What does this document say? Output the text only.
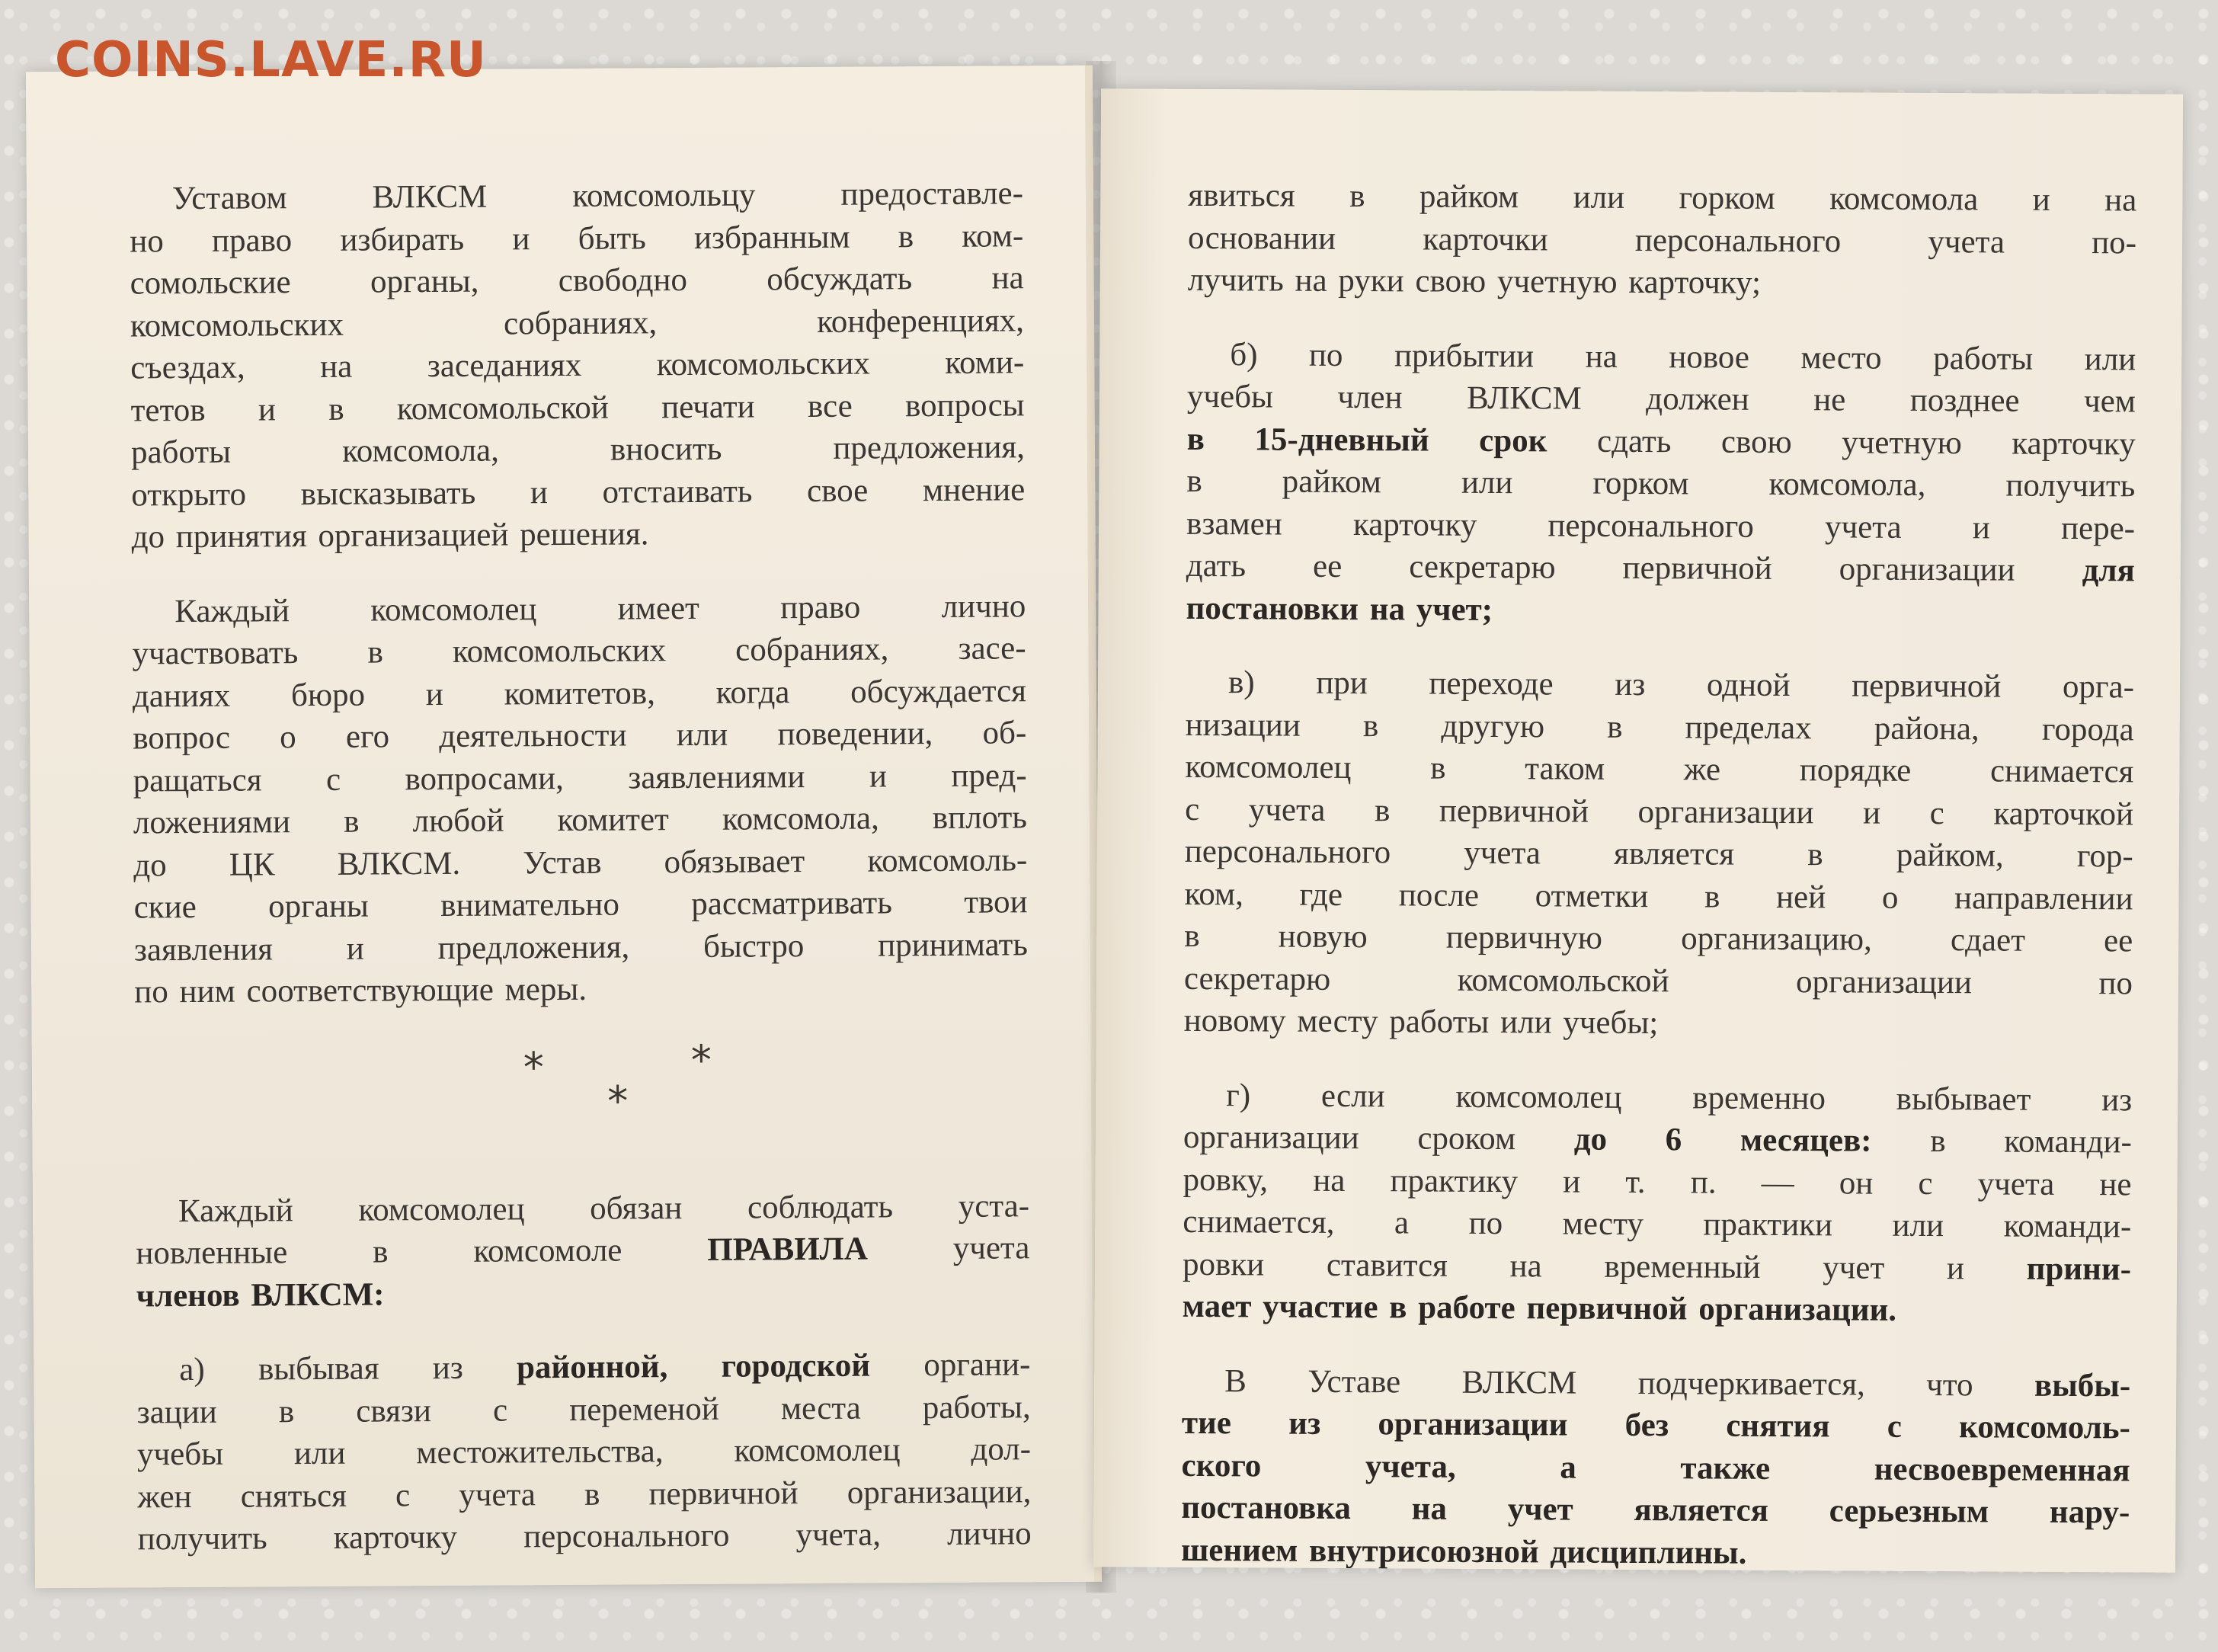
COINS.LAVE.RU
Уставом ВЛКСМ комсомольцу предоставле-
но право избирать и быть избранным в ком-
сомольские органы, свободно обсуждать на
комсомольских собраниях, конференциях,
съездах, на заседаниях комсомольских коми-
тетов и в комсомольской печати все вопросы
работы комсомола, вносить предложения,
открыто высказывать и отстаивать свое мнение
до принятия организацией решения.
Каждый комсомолец имеет право лично
участвовать в комсомольских собраниях, засе-
даниях бюро и комитетов, когда обсуждается
вопрос о его деятельности или поведении, об-
ращаться с вопросами, заявлениями и пред-
ложениями в любой комитет комсомола, вплоть
до ЦК ВЛКСМ. Устав обязывает комсомоль-
ские органы внимательно рассматривать твои
заявления и предложения, быстро принимать
по ним соответствующие меры.
*
*
*
Каждый комсомолец обязан соблюдать уста-
новленные в комсомоле ПРАВИЛА учета
членов ВЛКСМ:
а) выбывая из районной, городской органи-
зации в связи с переменой места работы,
учебы или местожительства, комсомолец дол-
жен сняться с учета в первичной организации,
получить карточку персонального учета, лично
явиться в райком или горком комсомола и на
основании карточки персонального учета по-
лучить на руки свою учетную карточку;
б) по прибытии на новое место работы или
учебы член ВЛКСМ должен не позднее чем
в 15-дневный срок сдать свою учетную карточку
в райком или горком комсомола, получить
взамен карточку персонального учета и пере-
дать ее секретарю первичной организации для
постановки на учет;
в) при переходе из одной первичной орга-
низации в другую в пределах района, города
комсомолец в таком же порядке снимается
с учета в первичной организации и с карточкой
персонального учета является в райком, гор-
ком, где после отметки в ней о направлении
в новую первичную организацию, сдает ее
секретарю комсомольской организации по
новому месту работы или учебы;
г) если комсомолец временно выбывает из
организации сроком до 6 месяцев: в команди-
ровку, на практику и т. п. — он с учета не
снимается, а по месту практики или команди-
ровки ставится на временный учет и прини-
мает участие в работе первичной организации.
В Уставе ВЛКСМ подчеркивается, что выбы-
тие из организации без снятия с комсомоль-
ского учета, а также несвоевременная
постановка на учет является серьезным нару-
шением внутрисоюзной дисциплины.
